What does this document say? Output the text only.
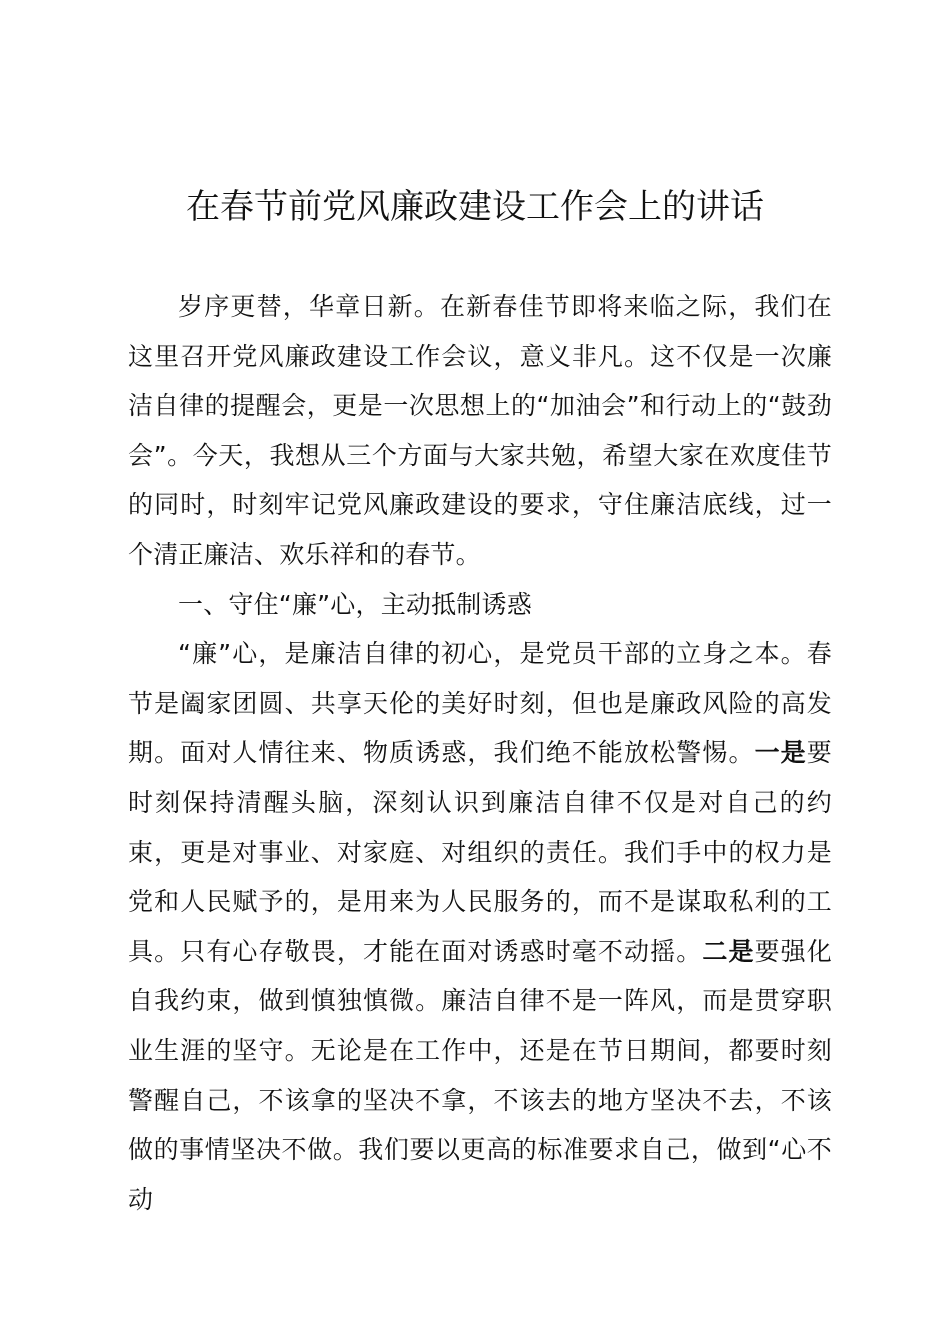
在春节前党风廉政建设工作会上的讲话

岁序更替，华章日新。在新春佳节即将来临之际，我们在这里召开党风廉政建设工作会议，意义非凡。这不仅是一次廉洁自律的提醒会，更是一次思想上的“加油会”和行动上的“鼓劲会”。今天，我想从三个方面与大家共勉，希望大家在欢度佳节的同时，时刻牢记党风廉政建设的要求，守住廉洁底线，过一个清正廉洁、欢乐祥和的春节。

一、守住“廉”心，主动抵制诱惑

“廉”心，是廉洁自律的初心，是党员干部的立身之本。春节是阖家团圆、共享天伦的美好时刻，但也是廉政风险的高发期。面对人情往来、物质诱惑，我们绝不能放松警惕。一是要时刻保持清醒头脑，深刻认识到廉洁自律不仅是对自己的约束，更是对事业、对家庭、对组织的责任。我们手中的权力是党和人民赋予的，是用来为人民服务的，而不是谋取私利的工具。只有心存敬畏，才能在面对诱惑时毫不动摇。二是要强化自我约束，做到慎独慎微。廉洁自律不是一阵风，而是贯穿职业生涯的坚守。无论是在工作中，还是在节日期间，都要时刻警醒自己，不该拿的坚决不拿，不该去的地方坚决不去，不该做的事情坚决不做。我们要以更高的标准要求自己，做到“心不动
